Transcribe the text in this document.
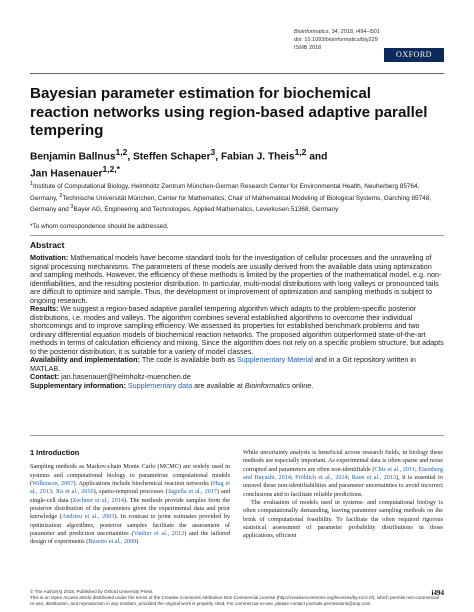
Bioinformatics, 34, 2018, i494–i501
doi: 10.1093/bioinformatics/bty229
ISMB 2018
OXFORD
Bayesian parameter estimation for biochemical reaction networks using region-based adaptive parallel tempering
Benjamin Ballnus$^{1,2}$, Steffen Schaper$^3$, Fabian J. Theis$^{1,2}$ and
Jan Hasenauer$^{1,2,*}$
$^1$Institute of Computational Biology, Helmholtz Zentrum München-German Research Center for Environmental Health, Neuherberg 85764, Germany, $^2$Technische Universität München, Center for Mathematics, Chair of Mathematical Modeling of Biological Systems, Garching 85748, Germany and $^3$Bayer AG, Engineering and Technologies, Applied Mathematics, Leverkusen 51368, Germany
*To whom correspondence should be addressed.
Abstract

Motivation: Mathematical models have become standard tools for the investigation of cellular processes and the unraveling of signal processing mechanisms. The parameters of these models are usually derived from the available data using optimization and sampling methods. However, the efficiency of these methods is limited by the properties of the mathematical model, e.g. non-identifiabilities, and the resulting posterior distribution. In particular, multi-modal distributions with long valleys or pronounced tails are difficult to optimize and sample. Thus, the development or improvement of optimization and sampling methods is subject to ongoing research.

Results: We suggest a region-based adaptive parallel tempering algorithm which adapts to the problem-specific posterior distributions, i.e. modes and valleys. The algorithm combines several established algorithms to overcome their individual shortcomings and to improve sampling efficiency. We assessed its properties for established benchmark problems and two ordinary differential equation models of biochemical reaction networks. The proposed algorithm outperformed state-of-the-art methods in terms of calculation efficiency and mixing. Since the algorithm does not rely on a specific problem structure, but adapts to the posterior distribution, it is suitable for a variety of model classes.

Availability and implementation: The code is available both as Supplementary Material and in a Git repository written in MATLAB.

Contact: jan.hasenauer@helmholtz-muenchen.de

Supplementary information: Supplementary data are available at Bioinformatics online.

1 Introduction

Sampling methods as Markov-chain Monte Carlo (MCMC) are widely used in systems and computational biology to parametrize computational models (Wilkinson, 2007). Applications include biochemical reaction networks (Hug et al., 2013; Xu et al., 2010), spatio-temporal processes (Jagiella et al., 2017) and single-cell data (Zechner et al., 2014). The methods provide samples from the posterior distribution of the parameters given the experimental data and prior knowledge (Andrieu et al., 2003). In contrast to point estimates provided by optimization algorithms, posterior samples facilitate the assessment of parameter and prediction uncertainties (Vanlier et al., 2012) and the tailored design of experiments (Busetto et al., 2009).

While uncertainty analysis is beneficial across research fields, in biology these methods are especially important. As experimental data is often sparse and noise corrupted and parameters are often non-identifiable (Chis et al., 2011; Eisenberg and Hayashi, 2014; Fröhlich et al., 2014; Raue et al., 2013), it is essential to unravel these non-identifiabilities and parameter uncertainties to avoid incorrect conclusions and to facilitate reliable predictions.

The evaluation of models used in systems- and computational biology is often computationally demanding, leaving parameter sampling methods on the brink of computational feasibility. To facilitate the often required rigorous statistical assessment of parameter probability distributions in those applications, efficient

© The Author(s) 2018. Published by Oxford University Press.
This is an Open Access article distributed under the terms of the Creative Commons Attribution Non-Commercial License (http://creativecommons.org/licenses/by-nc/4.0/), which permits non-commercial re-use, distribution, and reproduction in any medium, provided the original work is properly cited. For commercial re-use, please contact journals.permissions@oup.com
i494
